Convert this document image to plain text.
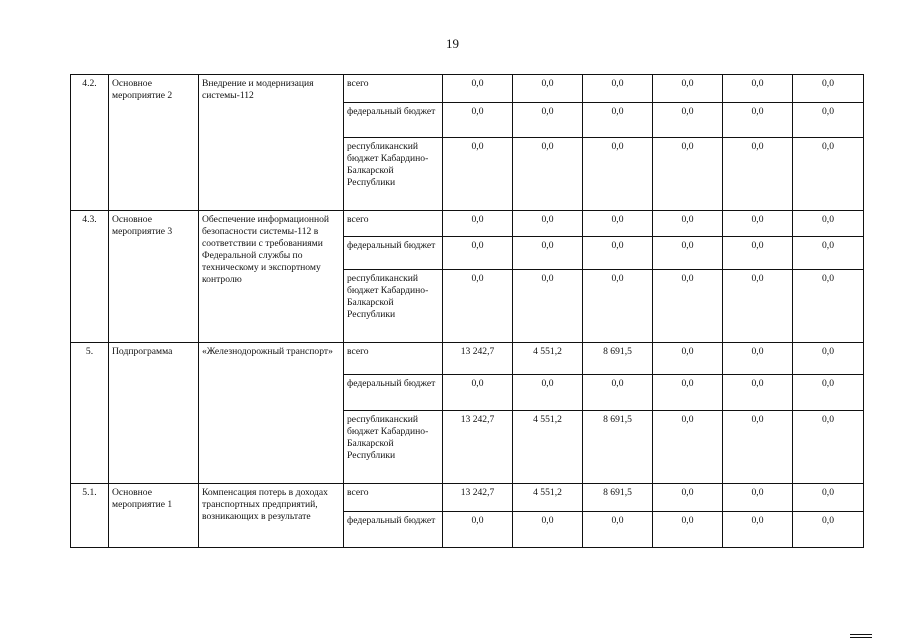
19
4.2.	Основное мероприятие 2	Внедрение и модернизация системы-112	всего	0,0	0,0	0,0	0,0	0,0	0,0
			федеральный бюджет	0,0	0,0	0,0	0,0	0,0	0,0
			республиканский бюджет Кабардино-Балкарской Республики	0,0	0,0	0,0	0,0	0,0	0,0
4.3.	Основное мероприятие 3	Обеспечение информационной безопасности системы-112 в соответствии с требованиями Федеральной службы по техническому и экспортному контролю	всего	0,0	0,0	0,0	0,0	0,0	0,0
			федеральный бюджет	0,0	0,0	0,0	0,0	0,0	0,0
			республиканский бюджет Кабардино-Балкарской Республики	0,0	0,0	0,0	0,0	0,0	0,0
5.	Подпрограмма	«Железнодорожный транспорт»	всего	13 242,7	4 551,2	8 691,5	0,0	0,0	0,0
			федеральный бюджет	0,0	0,0	0,0	0,0	0,0	0,0
			республиканский бюджет Кабардино-Балкарской Республики	13 242,7	4 551,2	8 691,5	0,0	0,0	0,0
5.1.	Основное мероприятие 1	Компенсация потерь в доходах транспортных предприятий, возникающих в результате	всего	13 242,7	4 551,2	8 691,5	0,0	0,0	0,0
			федеральный бюджет	0,0	0,0	0,0	0,0	0,0	0,0
